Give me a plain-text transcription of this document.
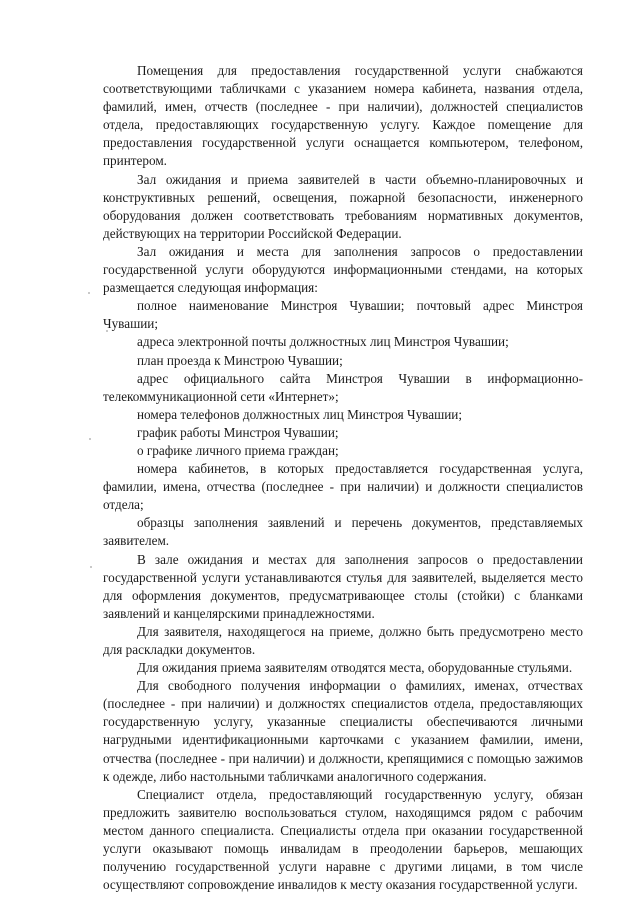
Помещения для предоставления государственной услуги снабжаются соответствующими табличками с указанием номера кабинета, названия отдела, фамилий, имен, отчеств (последнее - при наличии), должностей специалистов отдела, предоставляющих государственную услугу. Каждое помещение для предоставления государственной услуги оснащается компьютером, телефоном, принтером.

Зал ожидания и приема заявителей в части объемно-планировочных и конструктивных решений, освещения, пожарной безопасности, инженерного оборудования должен соответствовать требованиям нормативных документов, действующих на территории Российской Федерации.

Зал ожидания и места для заполнения запросов о предоставлении государственной услуги оборудуются информационными стендами, на которых размещается следующая информация:

полное наименование Минстроя Чувашии; почтовый адрес Минстроя Чувашии;

адреса электронной почты должностных лиц Минстроя Чувашии;

план проезда к Минстрою Чувашии;

адрес официального сайта Минстроя Чувашии в информационно-телекоммуникационной сети «Интернет»;

номера телефонов должностных лиц Минстроя Чувашии;

график работы Минстроя Чувашии;

о графике личного приема граждан;

номера кабинетов, в которых предоставляется государственная услуга, фамилии, имена, отчества (последнее - при наличии) и должности специалистов отдела;

образцы заполнения заявлений и перечень документов, представляемых заявителем.

В зале ожидания и местах для заполнения запросов о предоставлении государственной услуги устанавливаются стулья для заявителей, выделяется место для оформления документов, предусматривающее столы (стойки) с бланками заявлений и канцелярскими принадлежностями.

Для заявителя, находящегося на приеме, должно быть предусмотрено место для раскладки документов.

Для ожидания приема заявителям отводятся места, оборудованные стульями.

Для свободного получения информации о фамилиях, именах, отчествах (последнее - при наличии) и должностях специалистов отдела, предоставляющих государственную услугу, указанные специалисты обеспечиваются личными нагрудными идентификационными карточками с указанием фамилии, имени, отчества (последнее - при наличии) и должности, крепящимися с помощью зажимов к одежде, либо настольными табличками аналогичного содержания.

Специалист отдела, предоставляющий государственную услугу, обязан предложить заявителю воспользоваться стулом, находящимся рядом с рабочим местом данного специалиста. Специалисты отдела при оказании государственной услуги оказывают помощь инвалидам в преодолении барьеров, мешающих получению государственной услуги наравне с другими лицами, в том числе осуществляют сопровождение инвалидов к месту оказания государственной услуги.
